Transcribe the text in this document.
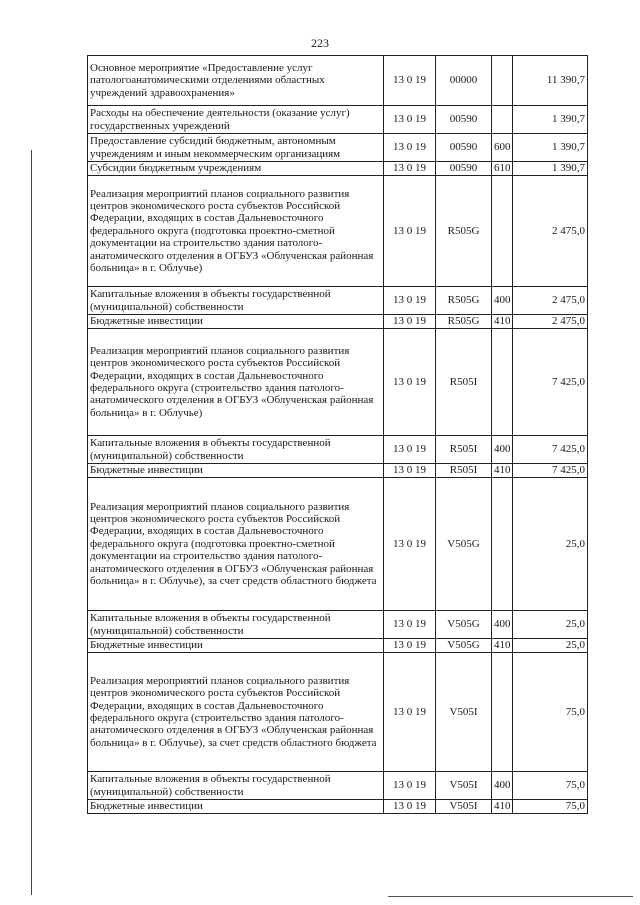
223
Основное мероприятие «Предоставление услуг патологоанатомическими отделениями областных учреждений здравоохранения»	13 0 19	00000		11 390,7
Расходы на обеспечение деятельности (оказание услуг) государственных учреждений	13 0 19	00590		1 390,7
Предоставление субсидий бюджетным, автономным учреждениям и иным некоммерческим организациям	13 0 19	00590	600	1 390,7
Субсидии бюджетным учреждениям	13 0 19	00590	610	1 390,7
Реализация мероприятий планов социального развития центров экономического роста субъектов Российской Федерации, входящих в состав Дальневосточного федерального округа (подготовка проектно-сметной документации на строительство здания патолого-анатомического отделения в ОГБУЗ «Облученская районная больница» в г. Облучье)	13 0 19	R505G		2 475,0
Капитальные вложения в объекты государственной (муниципальной) собственности	13 0 19	R505G	400	2 475,0
Бюджетные инвестиции	13 0 19	R505G	410	2 475,0
Реализация мероприятий планов социального развития центров экономического роста субъектов Российской Федерации, входящих в состав Дальневосточного федерального округа (строительство здания патолого-анатомического отделения в ОГБУЗ «Облученская районная больница» в г. Облучье)	13 0 19	R505I		7 425,0
Капитальные вложения в объекты государственной (муниципальной) собственности	13 0 19	R505I	400	7 425,0
Бюджетные инвестиции	13 0 19	R505I	410	7 425,0
Реализация мероприятий планов социального развития центров экономического роста субъектов Российской Федерации, входящих в состав Дальневосточного федерального округа (подготовка проектно-сметной документации на строительство здания патолого-анатомического отделения в ОГБУЗ «Облученская районная больница» в г. Облучье), за счет средств областного бюджета	13 0 19	V505G		25,0
Капитальные вложения в объекты государственной (муниципальной) собственности	13 0 19	V505G	400	25,0
Бюджетные инвестиции	13 0 19	V505G	410	25,0
Реализация мероприятий планов социального развития центров экономического роста субъектов Российской Федерации, входящих в состав Дальневосточного федерального округа (строительство здания патолого-анатомического отделения в ОГБУЗ «Облученская районная больница» в г. Облучье), за счет средств областного бюджета	13 0 19	V505I		75,0
Капитальные вложения в объекты государственной (муниципальной) собственности	13 0 19	V505I	400	75,0
Бюджетные инвестиции	13 0 19	V505I	410	75,0
